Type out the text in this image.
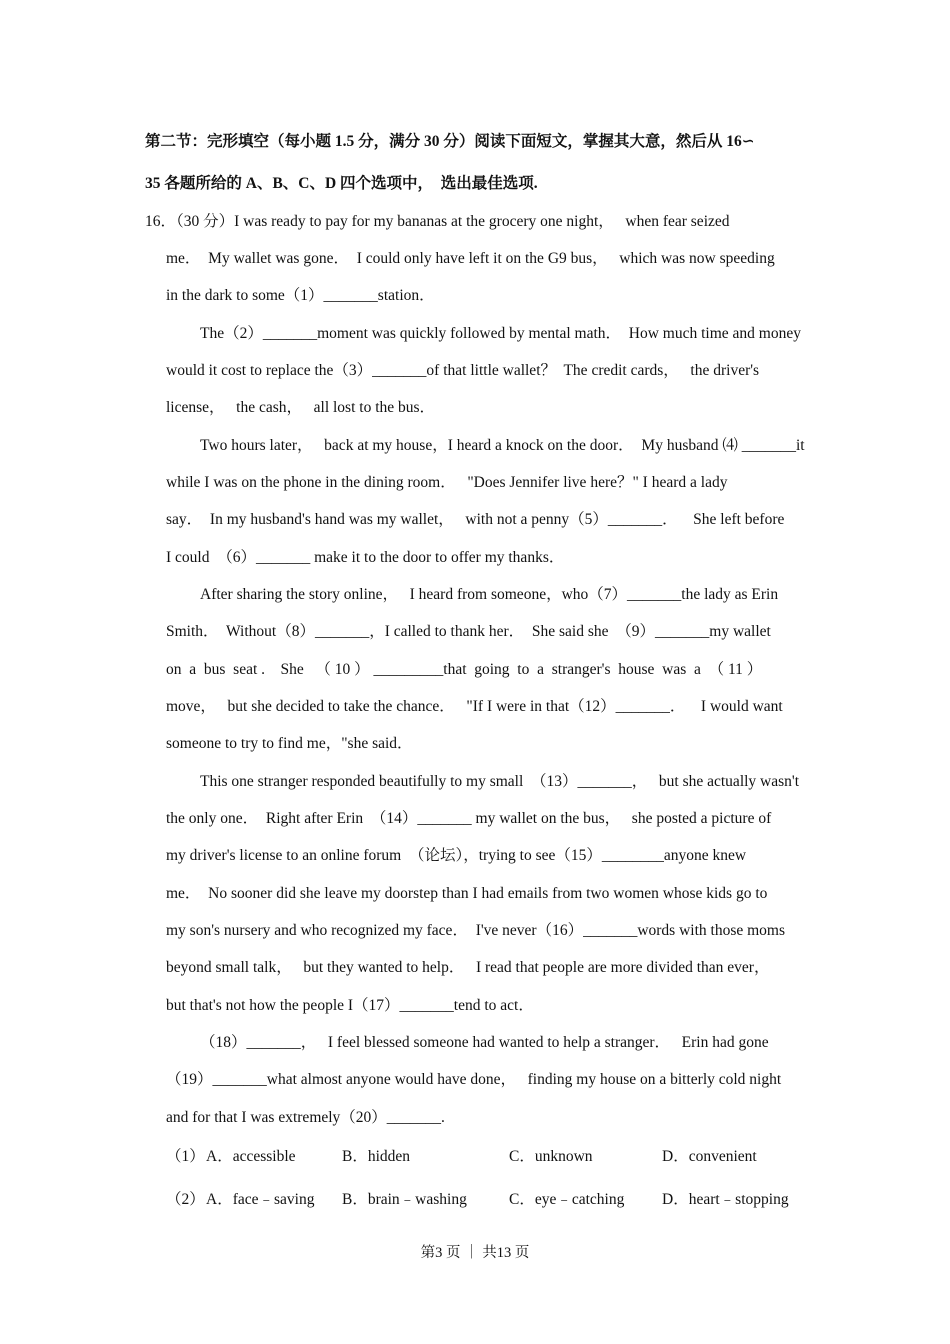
第二节：完形填空（每小题 1.5 分，满分 30 分）阅读下面短文，掌握其大意，然后从 16∽
35 各题所给的 A、B、C、D 四个选项中，  选出最佳选项.
16．（30 分）I was ready to pay for my bananas at the grocery one night，   when fear seized
me．  My wallet was gone．  I could only have left it on the G9 bus，   which was now speeding
in the dark to some（1）_______station．
The（2）_______moment was quickly followed by mental math．  How much time and money
would it cost to replace the（3）_______of that little wallet？  The credit cards，   the driver's
license，   the cash，   all lost to the bus．
Two hours later，   back at my house，I heard a knock on the door．  My husband ⑷ _______it
while I was on the phone in the dining room．   "Does Jennifer live here？" I heard a lady
say．  In my husband's hand was my wallet，   with not a penny（5）_______．    She left before
I could  （6）_______ make it to the door to offer my thanks．
After sharing the story online，   I heard from someone，who（7）_______the lady as Erin
Smith．  Without（8）_______，I called to thank her．  She said she  （9）_______my wallet
on  a  bus  seat .    She   （ 10 ） _________that  going  to  a  stranger's  house  was  a  （ 11 ）
move，   but she decided to take the chance．   "If I were in that（12）_______．    I would want
someone to try to find me，"she said．
This one stranger responded beautifully to my small  （13）_______，   but she actually wasn't
the only one．  Right after Erin  （14）_______ my wallet on the bus，   she posted a picture of
my driver's license to an online forum  （论坛），trying to see（15）________anyone knew
me．  No sooner did she leave my doorstep than I had emails from two women whose kids go to
my son's nursery and who recognized my face．  I've never（16）_______words with those moms
beyond small talk，   but they wanted to help．   I read that people are more divided than ever，
but that's not how the people I（17）_______tend to act．
（18）_______，   I feel blessed someone had wanted to help a stranger．   Erin had gone
（19）_______what almost anyone would have done，   finding my house on a bitterly cold night
and for that I was extremely（20）_______.
（1） A．accessible	B．hidden	C．unknown	D．convenient
（2） A．face﹣saving B．brain﹣washing	C．eye﹣catching D．heart﹣stopping
第3 页 ｜ 共13 页
